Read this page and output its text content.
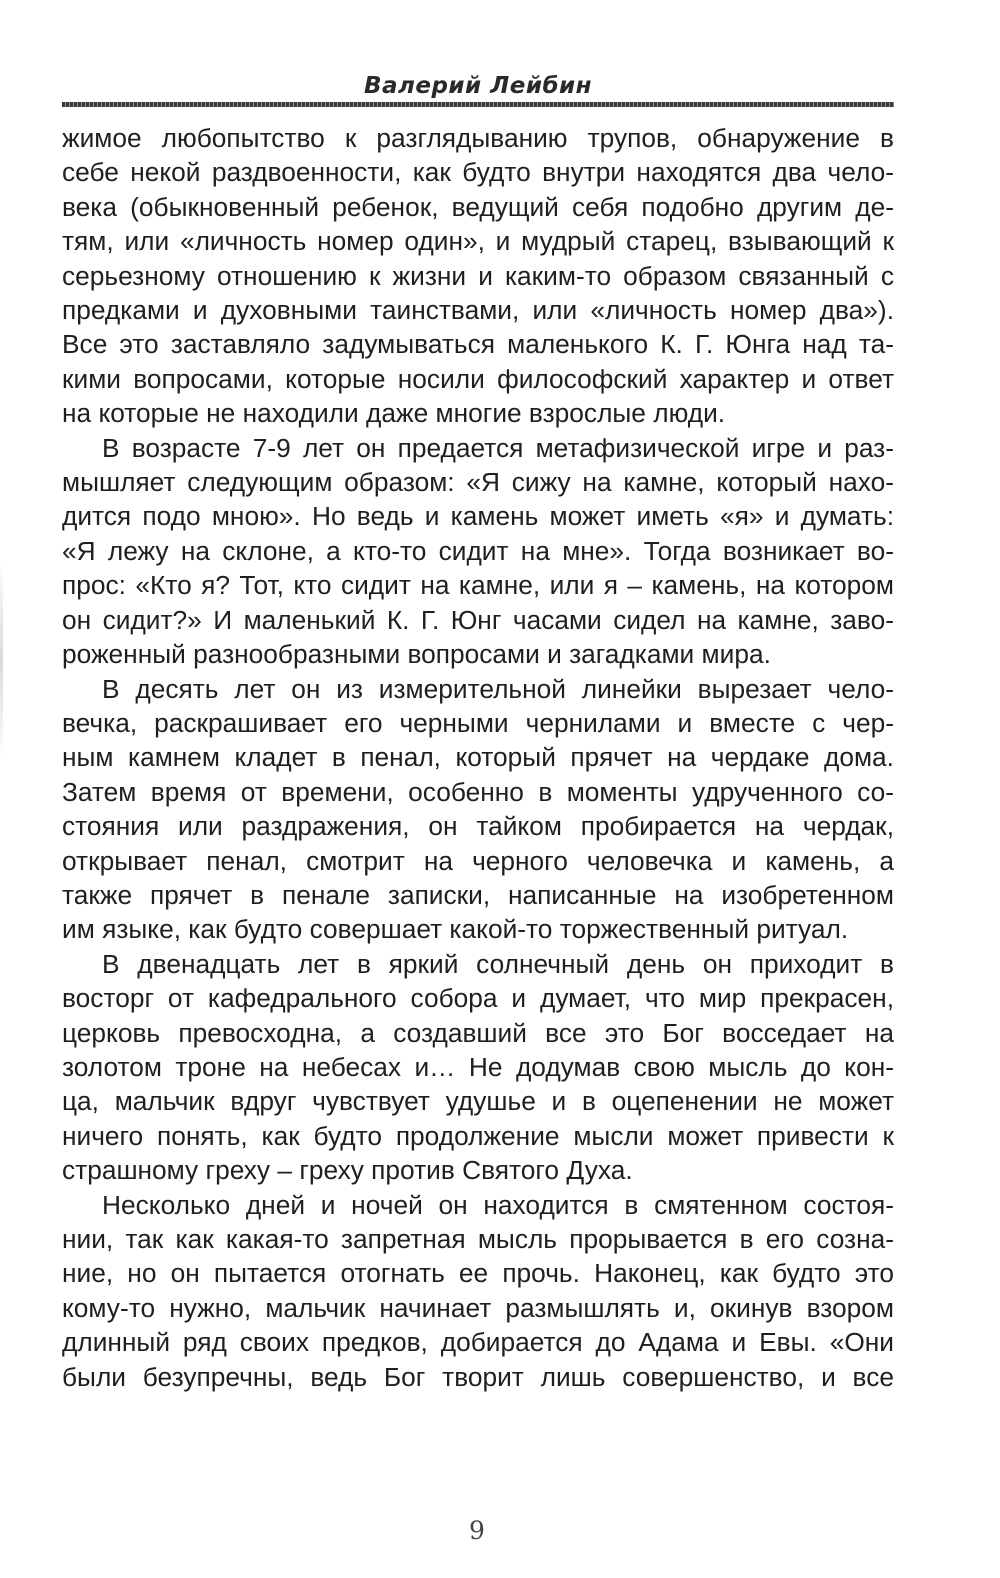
Валерий Лейбин
жимое любопытство к разглядыванию трупов, обнаружение в
себе некой раздвоенности, как будто внутри находятся два чело-
века (обыкновенный ребенок, ведущий себя подобно другим де-
тям, или «личность номер один», и мудрый старец, взывающий к
серьезному отношению к жизни и каким-то образом связанный с
предками и духовными таинствами, или «личность номер два»).
Все это заставляло задумываться маленького К. Г. Юнга над та-
кими вопросами, которые носили философский характер и ответ
на которые не находили даже многие взрослые люди.
В возрасте 7-9 лет он предается метафизической игре и раз-
мышляет следующим образом: «Я сижу на камне, который нахо-
дится подо мною». Но ведь и камень может иметь «я» и думать:
«Я лежу на склоне, а кто-то сидит на мне». Тогда возникает во-
прос: «Кто я? Тот, кто сидит на камне, или я – камень, на котором
он сидит?» И маленький К. Г. Юнг часами сидел на камне, заво-
роженный разнообразными вопросами и загадками мира.
В десять лет он из измерительной линейки вырезает чело-
вечка, раскрашивает его черными чернилами и вместе с чер-
ным камнем кладет в пенал, который прячет на чердаке дома.
Затем время от времени, особенно в моменты удрученного со-
стояния или раздражения, он тайком пробирается на чердак,
открывает пенал, смотрит на черного человечка и камень, а
также прячет в пенале записки, написанные на изобретенном
им языке, как будто совершает какой-то торжественный ритуал.
В двенадцать лет в яркий солнечный день он приходит в
восторг от кафедрального собора и думает, что мир прекрасен,
церковь превосходна, а создавший все это Бог восседает на
золотом троне на небесах и… Не додумав свою мысль до кон-
ца, мальчик вдруг чувствует удушье и в оцепенении не может
ничего понять, как будто продолжение мысли может привести к
страшному греху – греху против Святого Духа.
Несколько дней и ночей он находится в смятенном состоя-
нии, так как какая-то запретная мысль прорывается в его созна-
ние, но он пытается отогнать ее прочь. Наконец, как будто это
кому-то нужно, мальчик начинает размышлять и, окинув взором
длинный ряд своих предков, добирается до Адама и Евы. «Они
были безупречны, ведь Бог творит лишь совершенство, и все
9
